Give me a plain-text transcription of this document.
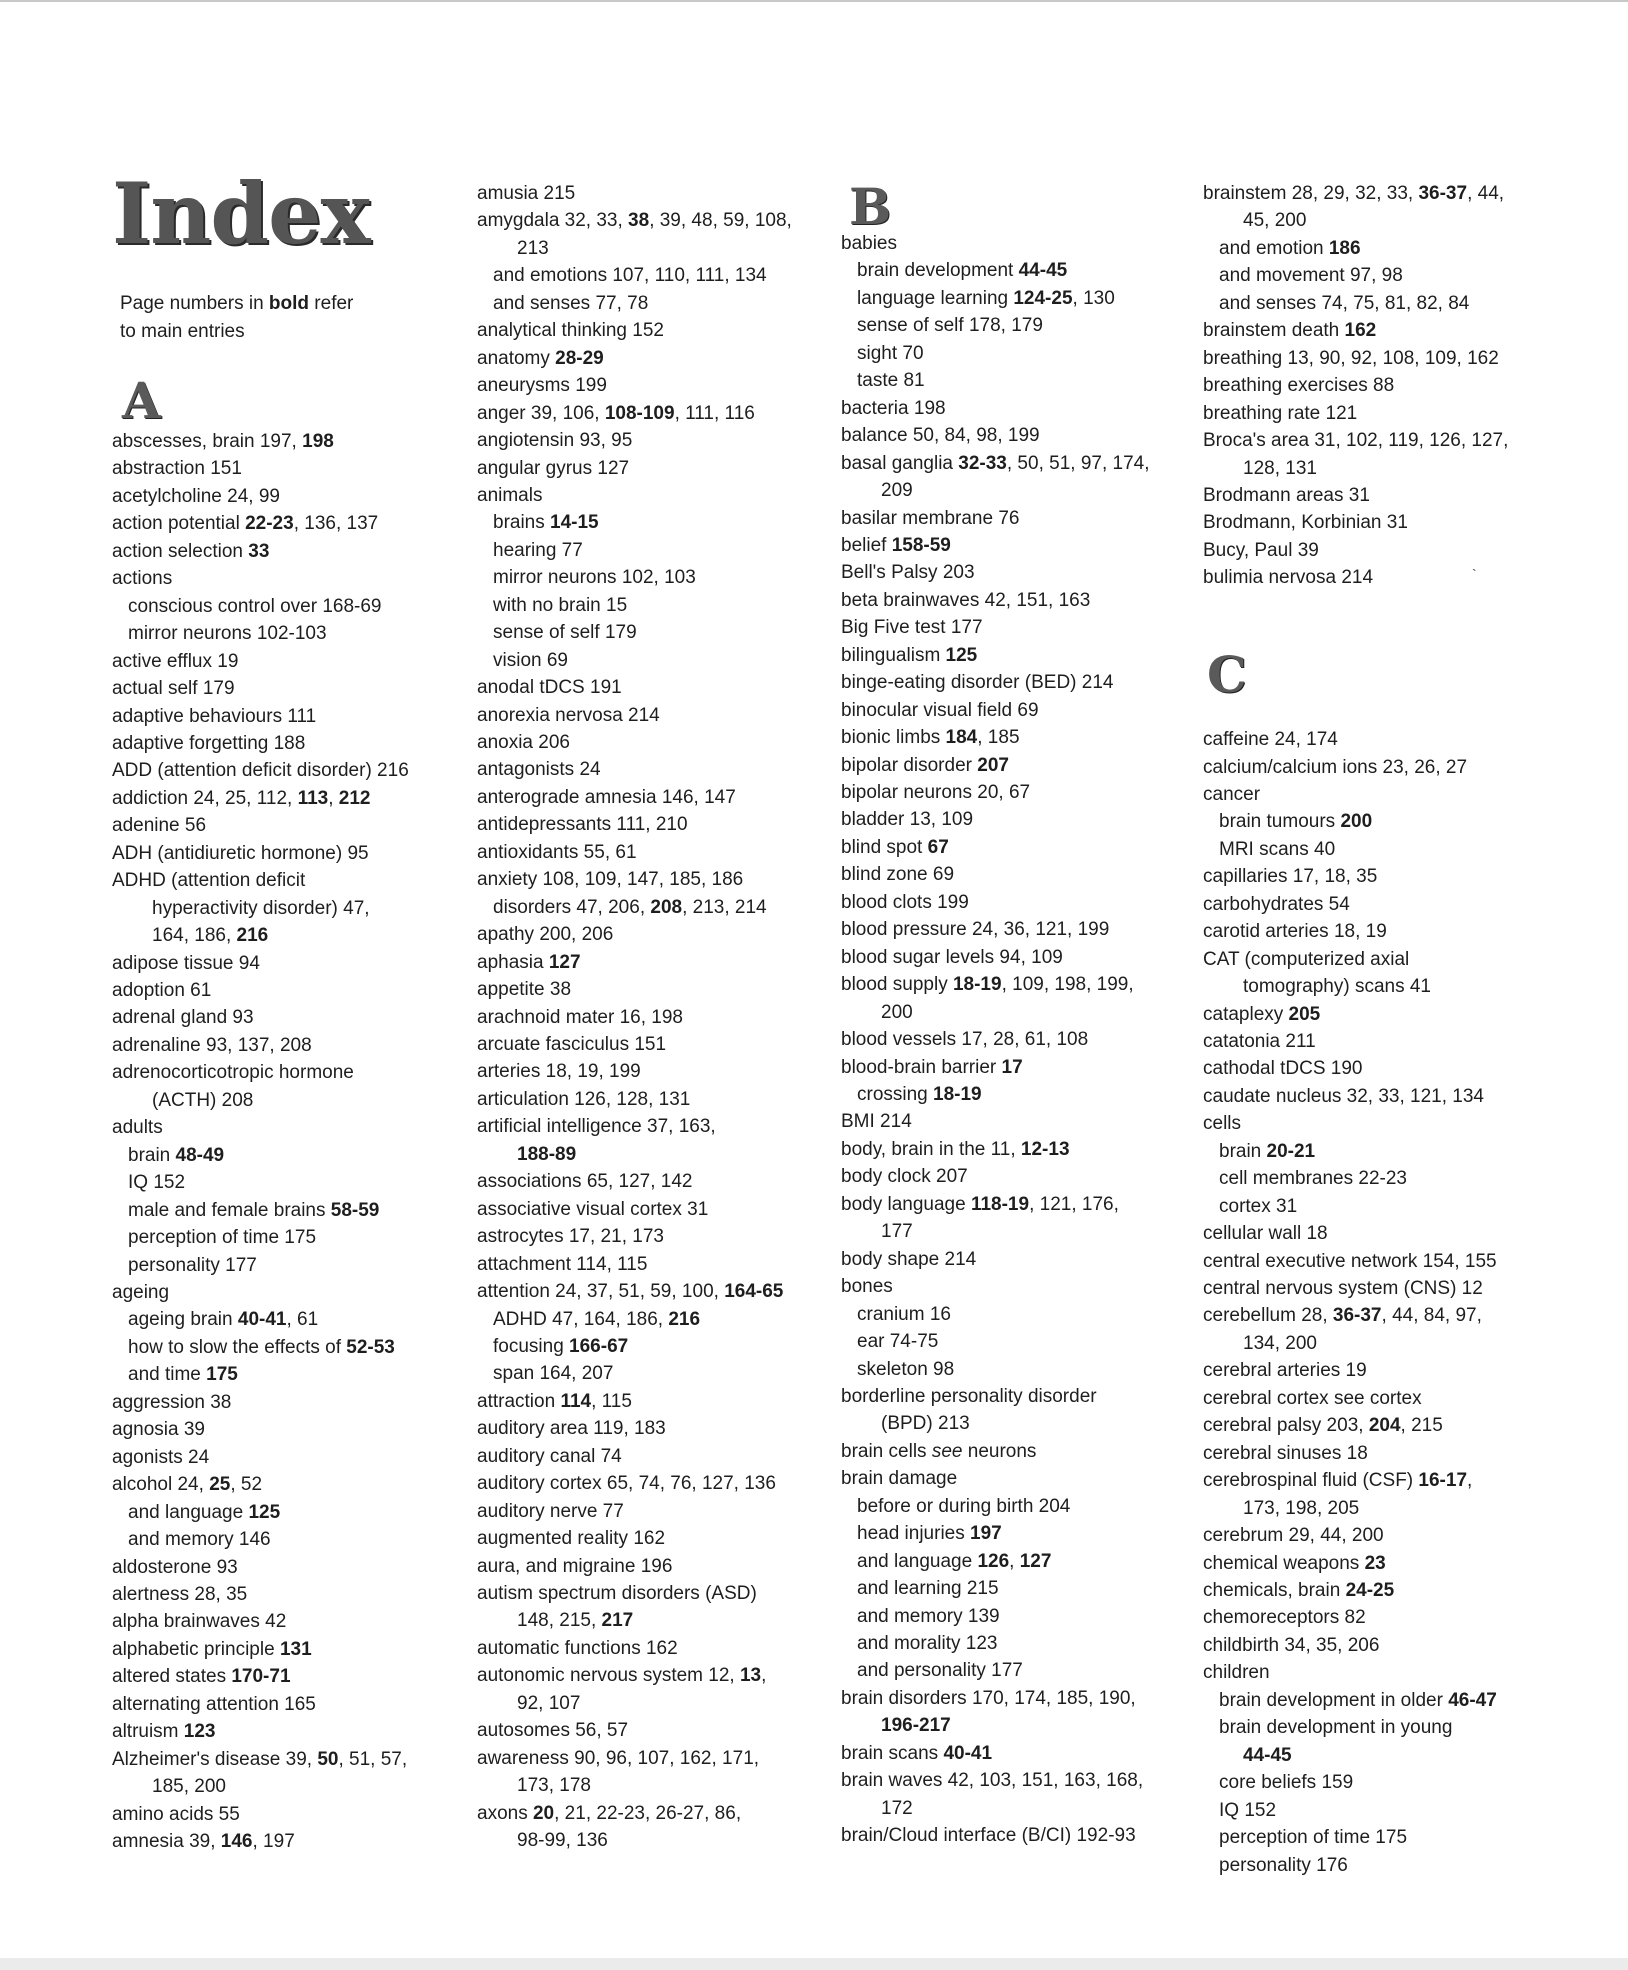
Index
Page numbers in bold refer
to main entries
A
abscesses, brain 197, 198
abstraction 151
acetylcholine 24, 99
action potential 22-23, 136, 137
action selection 33
actions
conscious control over 168-69
mirror neurons 102-103
active efflux 19
actual self 179
adaptive behaviours 111
adaptive forgetting 188
ADD (attention deficit disorder) 216
addiction 24, 25, 112, 113, 212
adenine 56
ADH (antidiuretic hormone) 95
ADHD (attention deficit
hyperactivity disorder) 47,
164, 186, 216
adipose tissue 94
adoption 61
adrenal gland 93
adrenaline 93, 137, 208
adrenocorticotropic hormone
(ACTH) 208
adults
brain 48-49
IQ 152
male and female brains 58-59
perception of time 175
personality 177
ageing
ageing brain 40-41, 61
how to slow the effects of 52-53
and time 175
aggression 38
agnosia 39
agonists 24
alcohol 24, 25, 52
and language 125
and memory 146
aldosterone 93
alertness 28, 35
alpha brainwaves 42
alphabetic principle 131
altered states 170-71
alternating attention 165
altruism 123
Alzheimer's disease 39, 50, 51, 57,
185, 200
amino acids 55
amnesia 39, 146, 197
amusia 215
amygdala 32, 33, 38, 39, 48, 59, 108,
213
and emotions 107, 110, 111, 134
and senses 77, 78
analytical thinking 152
anatomy 28-29
aneurysms 199
anger 39, 106, 108-109, 111, 116
angiotensin 93, 95
angular gyrus 127
animals
brains 14-15
hearing 77
mirror neurons 102, 103
with no brain 15
sense of self 179
vision 69
anodal tDCS 191
anorexia nervosa 214
anoxia 206
antagonists 24
anterograde amnesia 146, 147
antidepressants 111, 210
antioxidants 55, 61
anxiety 108, 109, 147, 185, 186
disorders 47, 206, 208, 213, 214
apathy 200, 206
aphasia 127
appetite 38
arachnoid mater 16, 198
arcuate fasciculus 151
arteries 18, 19, 199
articulation 126, 128, 131
artificial intelligence 37, 163,
188-89
associations 65, 127, 142
associative visual cortex 31
astrocytes 17, 21, 173
attachment 114, 115
attention 24, 37, 51, 59, 100, 164-65
ADHD 47, 164, 186, 216
focusing 166-67
span 164, 207
attraction 114, 115
auditory area 119, 183
auditory canal 74
auditory cortex 65, 74, 76, 127, 136
auditory nerve 77
augmented reality 162
aura, and migraine 196
autism spectrum disorders (ASD)
148, 215, 217
automatic functions 162
autonomic nervous system 12, 13,
92, 107
autosomes 56, 57
awareness 90, 96, 107, 162, 171,
173, 178
axons 20, 21, 22-23, 26-27, 86,
98-99, 136
B
babies
brain development 44-45
language learning 124-25, 130
sense of self 178, 179
sight 70
taste 81
bacteria 198
balance 50, 84, 98, 199
basal ganglia 32-33, 50, 51, 97, 174,
209
basilar membrane 76
belief 158-59
Bell's Palsy 203
beta brainwaves 42, 151, 163
Big Five test 177
bilingualism 125
binge-eating disorder (BED) 214
binocular visual field 69
bionic limbs 184, 185
bipolar disorder 207
bipolar neurons 20, 67
bladder 13, 109
blind spot 67
blind zone 69
blood clots 199
blood pressure 24, 36, 121, 199
blood sugar levels 94, 109
blood supply 18-19, 109, 198, 199,
200
blood vessels 17, 28, 61, 108
blood-brain barrier 17
crossing 18-19
BMI 214
body, brain in the 11, 12-13
body clock 207
body language 118-19, 121, 176,
177
body shape 214
bones
cranium 16
ear 74-75
skeleton 98
borderline personality disorder
(BPD) 213
brain cells see neurons
brain damage
before or during birth 204
head injuries 197
and language 126, 127
and learning 215
and memory 139
and morality 123
and personality 177
brain disorders 170, 174, 185, 190,
196-217
brain scans 40-41
brain waves 42, 103, 151, 163, 168,
172
brain/Cloud interface (B/CI) 192-93
C
brainstem 28, 29, 32, 33, 36-37, 44,
45, 200
and emotion 186
and movement 97, 98
and senses 74, 75, 81, 82, 84
brainstem death 162
breathing 13, 90, 92, 108, 109, 162
breathing exercises 88
breathing rate 121
Broca's area 31, 102, 119, 126, 127,
128, 131
Brodmann areas 31
Brodmann, Korbinian 31
Bucy, Paul 39
bulimia nervosa 214
caffeine 24, 174
calcium/calcium ions 23, 26, 27
cancer
brain tumours 200
MRI scans 40
capillaries 17, 18, 35
carbohydrates 54
carotid arteries 18, 19
CAT (computerized axial
tomography) scans 41
cataplexy 205
catatonia 211
cathodal tDCS 190
caudate nucleus 32, 33, 121, 134
cells
brain 20-21
cell membranes 22-23
cortex 31
cellular wall 18
central executive network 154, 155
central nervous system (CNS) 12
cerebellum 28, 36-37, 44, 84, 97,
134, 200
cerebral arteries 19
cerebral cortex see cortex
cerebral palsy 203, 204, 215
cerebral sinuses 18
cerebrospinal fluid (CSF) 16-17,
173, 198, 205
cerebrum 29, 44, 200
chemical weapons 23
chemicals, brain 24-25
chemoreceptors 82
childbirth 34, 35, 206
children
brain development in older 46-47
brain development in young
44-45
core beliefs 159
IQ 152
perception of time 175
personality 176
`
